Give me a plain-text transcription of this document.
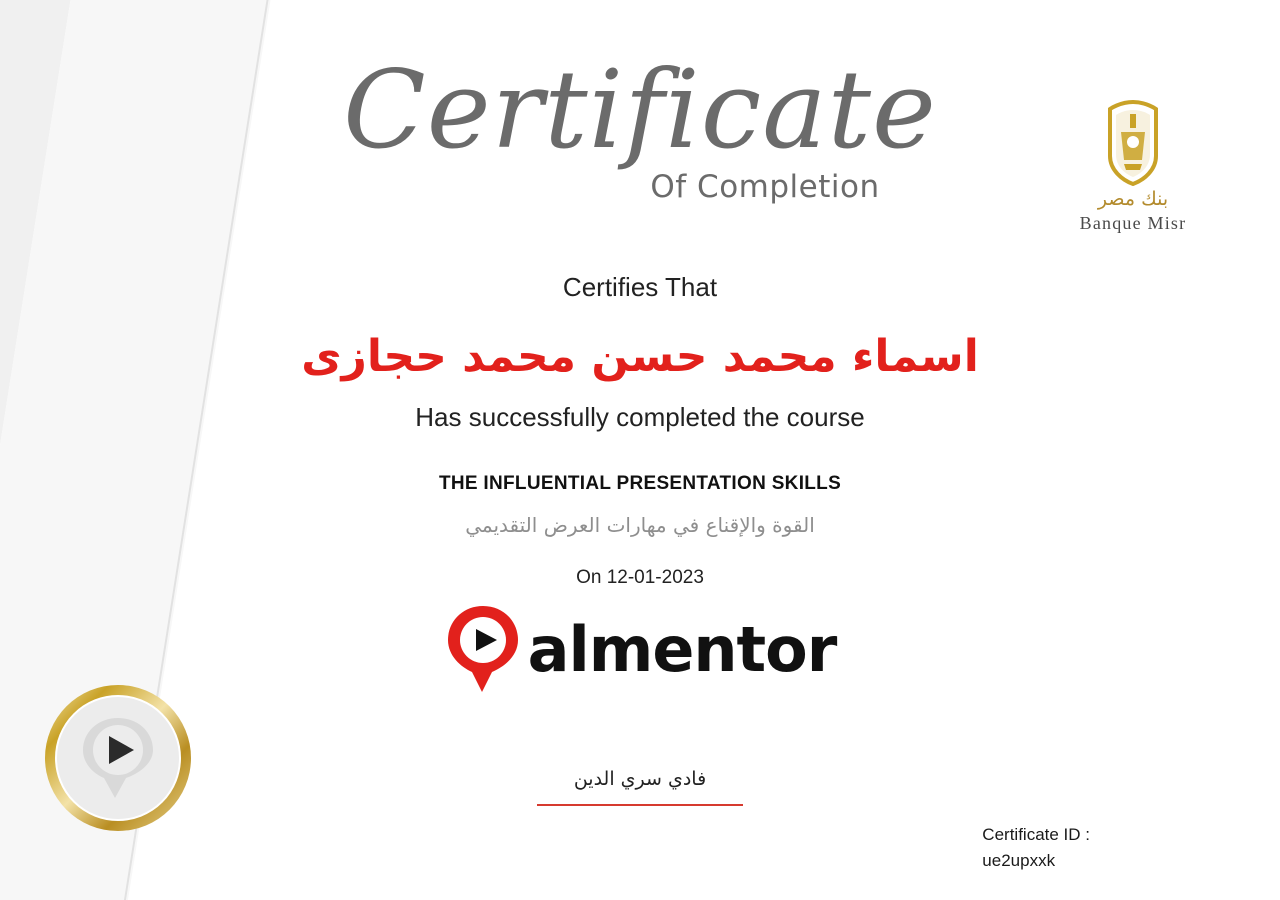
Certificate
Of Completion	بنك مصر
Banque Misr
Certifies That
اسماء محمد حسن محمد حجازى
Has successfully completed the course
THE INFLUENTIAL PRESENTATION SKILLS
القوة والإقناع في مهارات العرض التقديمي
On 12-01-2023
almentor
فادي سري الدين
Certificate ID :
ue2upxxk
